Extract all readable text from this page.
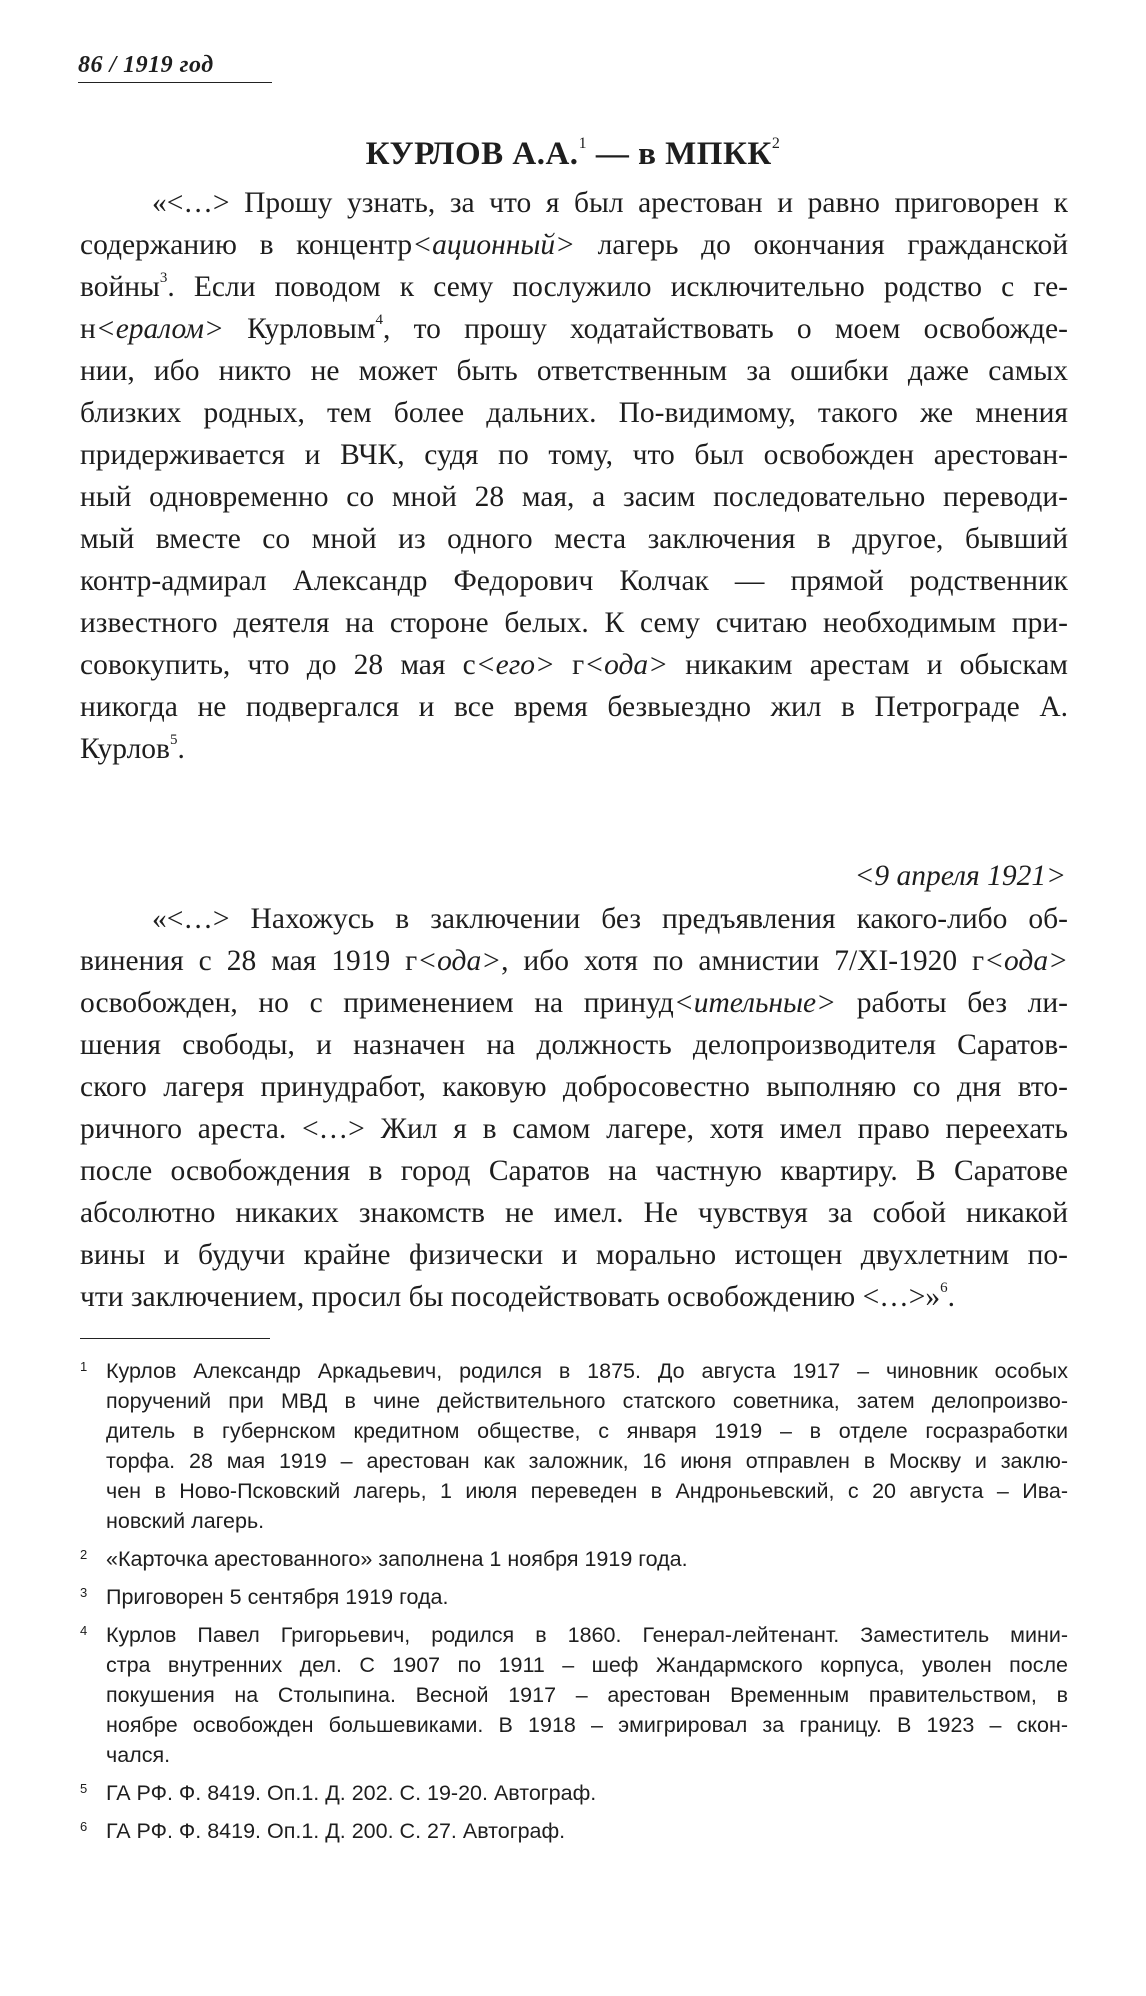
86 / 1919 год
КУРЛОВ А.А.$^1$ — в МПКК$^2$
«<…> Прошу узнать, за что я был арестован и равно приговорен к
содержанию в концентр<ационный> лагерь до окончания гражданской
войны$^3$. Если поводом к сему послужило исключительно родство с ге-
н<ералом> Курловым$^4$, то прошу ходатайствовать о моем освобожде-
нии, ибо никто не может быть ответственным за ошибки даже самых
близких родных, тем более дальних. По-видимому, такого же мнения
придерживается и ВЧК, судя по тому, что был освобожден арестован-
ный одновременно со мной 28 мая, а засим последовательно переводи-
мый вместе со мной из одного места заключения в другое, бывший
контр-адмирал Александр Федорович Колчак — прямой родственник
известного деятеля на стороне белых. К сему считаю необходимым при-
совокупить, что до 28 мая с<его> г<ода> никаким арестам и обыскам
никогда не подвергался и все время безвыездно жил в Петрограде А.
Курлов$^5$.
<9 апреля 1921>
«<…> Нахожусь в заключении без предъявления какого-либо об-
винения с 28 мая 1919 г<ода>, ибо хотя по амнистии 7/XI-1920 г<ода>
освобожден, но с применением на принуд<ительные> работы без ли-
шения свободы, и назначен на должность делопроизводителя Саратов-
ского лагеря принудработ, каковую добросовестно выполняю со дня вто-
ричного ареста. <…> Жил я в самом лагере, хотя имел право переехать
после освобождения в город Саратов на частную квартиру. В Саратове
абсолютно никаких знакомств не имел. Не чувствуя за собой никакой
вины и будучи крайне физически и морально истощен двухлетним по-
чти заключением, просил бы посодействовать освобождению <…>»$^6$.
1 Курлов Александр Аркадьевич, родился в 1875. До августа 1917 – чиновник особых
поручений при МВД в чине действительного статского советника, затем делопроизво-
дитель в губернском кредитном обществе, с января 1919 – в отделе госразработки
торфа. 28 мая 1919 – арестован как заложник, 16 июня отправлен в Москву и заклю-
чен в Ново-Псковский лагерь, 1 июля переведен в Андроньевский, с 20 августа – Ива-
новский лагерь.
2 «Карточка арестованного» заполнена 1 ноября 1919 года.
3 Приговорен 5 сентября 1919 года.
4 Курлов Павел Григорьевич, родился в 1860. Генерал-лейтенант. Заместитель мини-
стра внутренних дел. С 1907 по 1911 – шеф Жандармского корпуса, уволен после
покушения на Столыпина. Весной 1917 – арестован Временным правительством, в
ноябре освобожден большевиками. В 1918 – эмигрировал за границу. В 1923 – скон-
чался.
5 ГА РФ. Ф. 8419. Оп.1. Д. 202. С. 19-20. Автограф.
6 ГА РФ. Ф. 8419. Оп.1. Д. 200. С. 27. Автограф.
